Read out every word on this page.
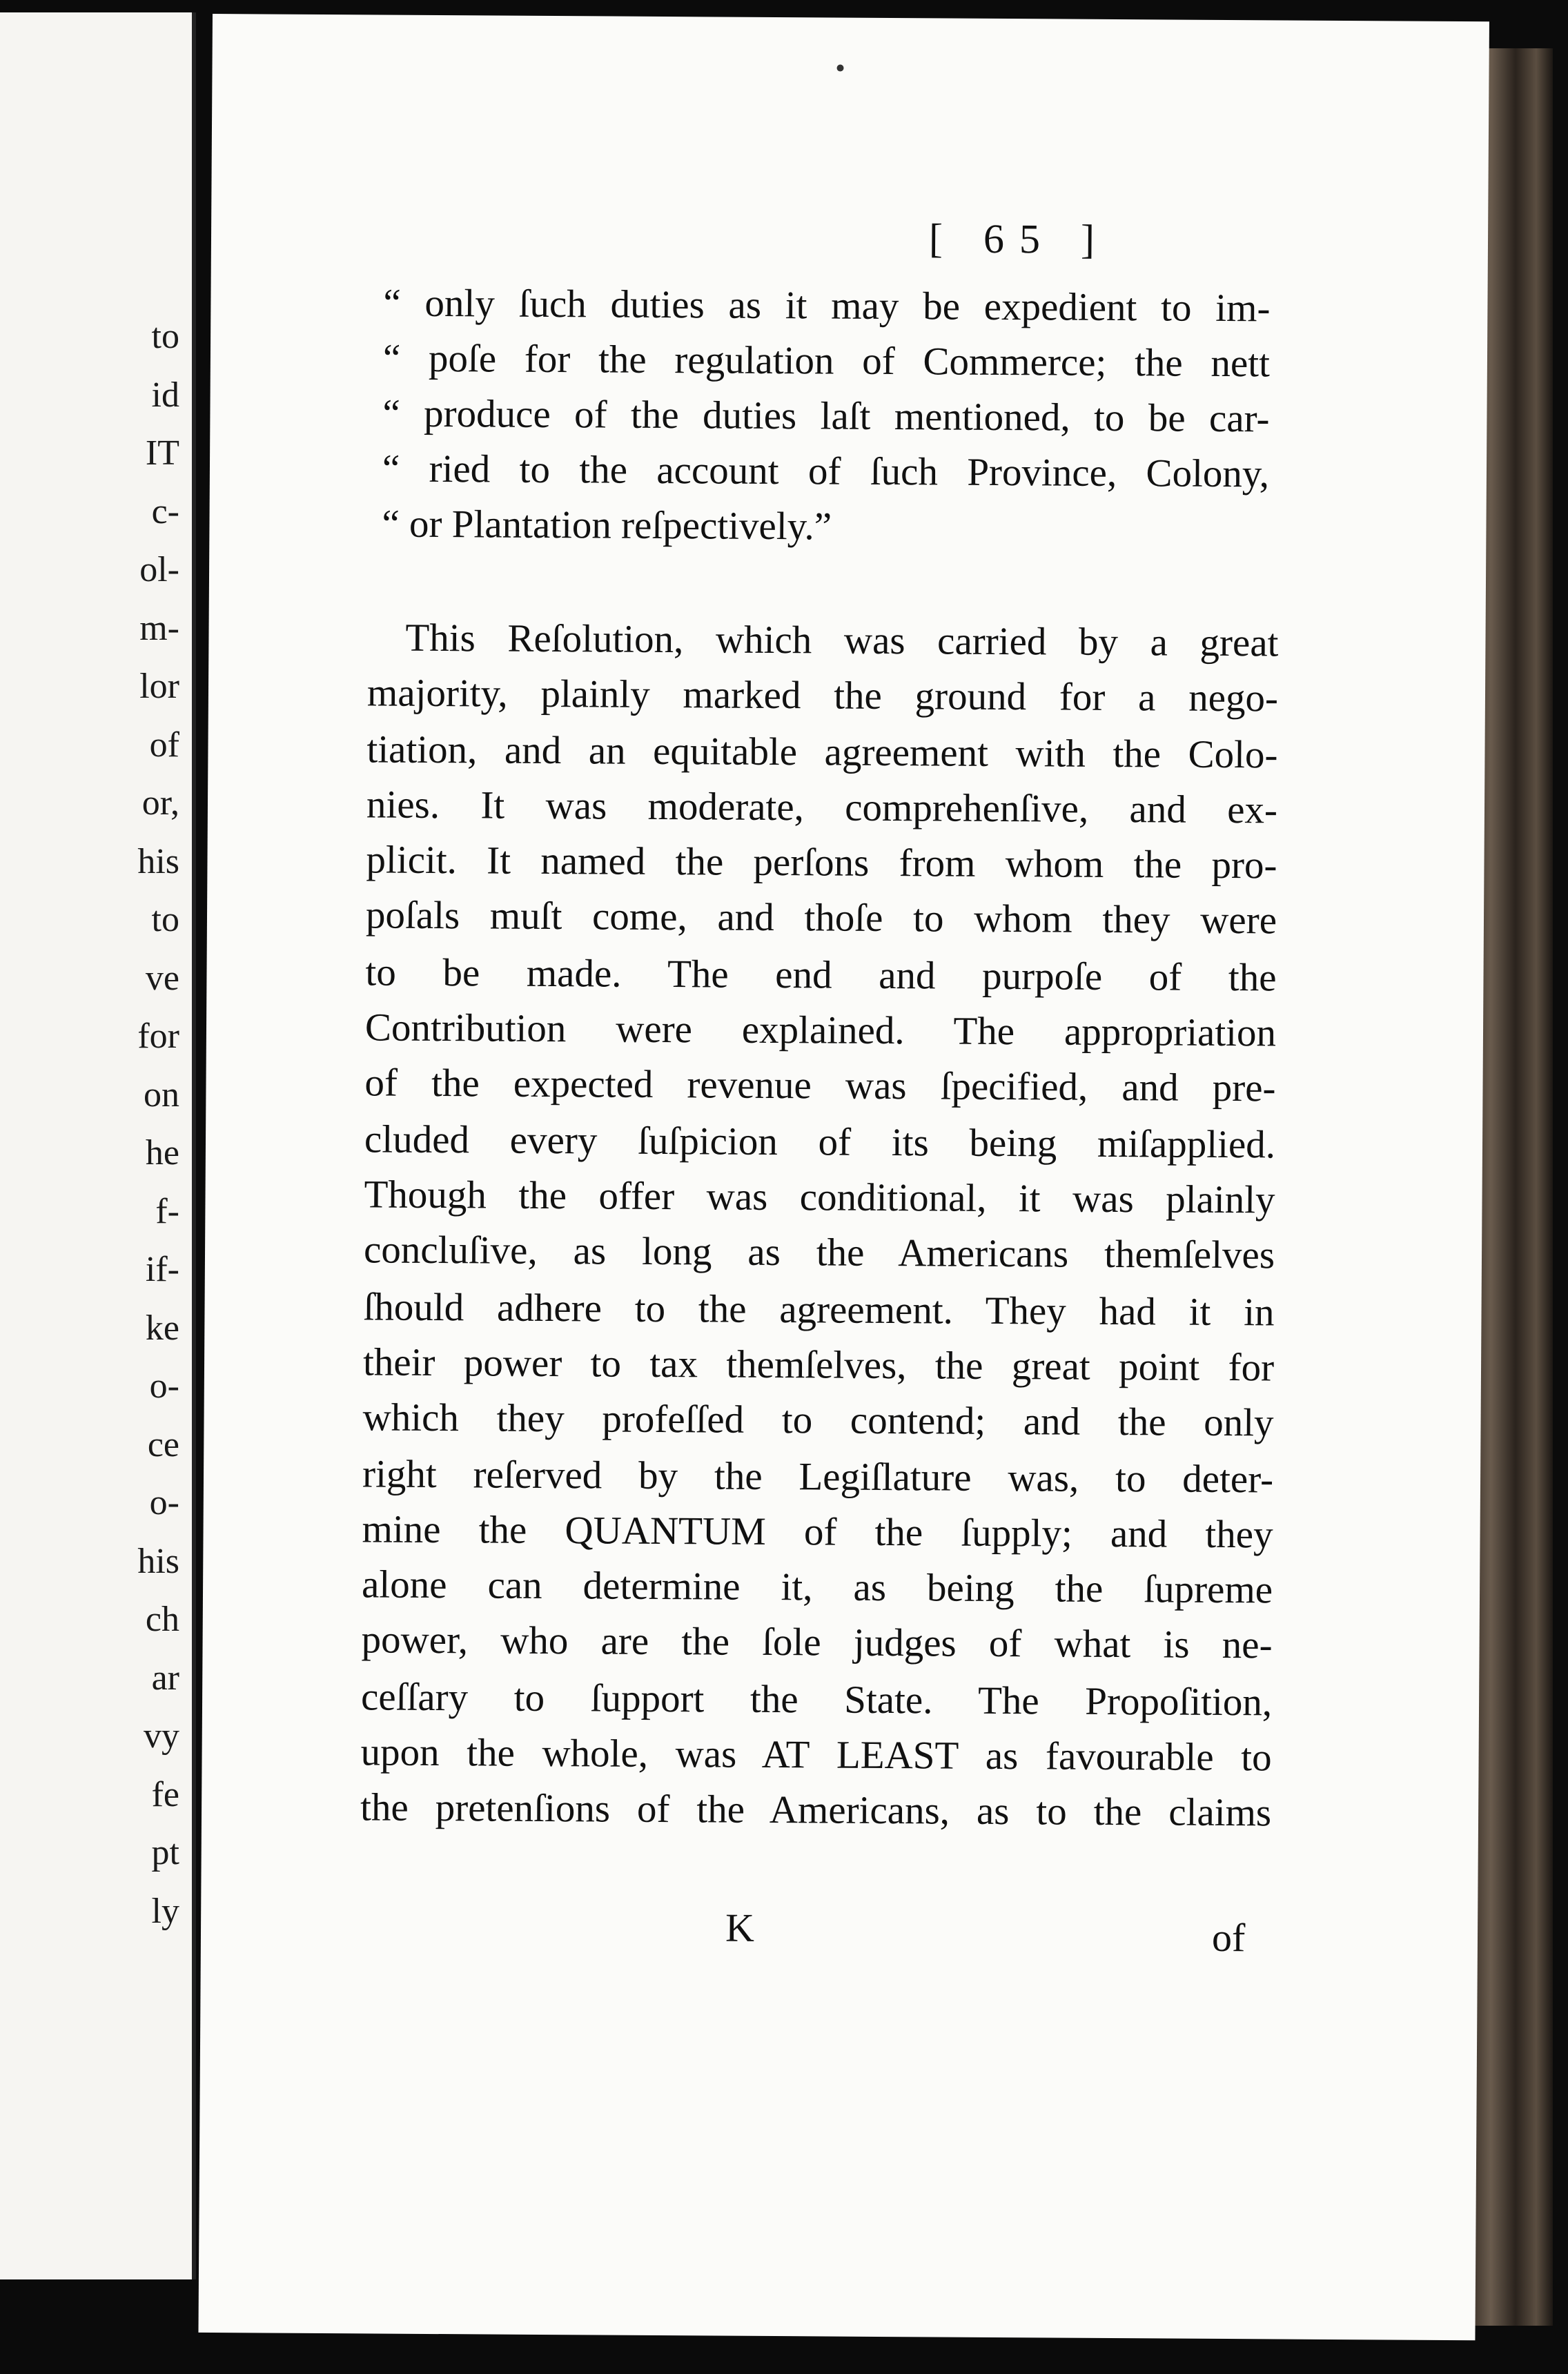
to
id
IT
c-
ol-
m-
lor
of
or,
his
to
ve
for
on
he
f-
if-
ke
o-
ce
o-
his
ch
ar
vy
fe
pt
ly
[ 65 ]
“ only ſuch duties as it may be expedient to im-
“ poſe for the regulation of Commerce; the nett
“ produce of the duties laſt mentioned, to be car-
“ ried to the account of ſuch Province, Colony,
“ or Plantation reſpectively.”
This Reſolution, which was carried by a great
majority, plainly marked the ground for a nego-
tiation, and an equitable agreement with the Colo-
nies. It was moderate, comprehenſive, and ex-
plicit. It named the perſons from whom the pro-
poſals muſt come, and thoſe to whom they were
to be made. The end and purpoſe of the
Contribution were explained. The appropriation
of the expected revenue was ſpecified, and pre-
cluded every ſuſpicion of its being miſapplied.
Though the offer was conditional, it was plainly
concluſive, as long as the Americans themſelves
ſhould adhere to the agreement. They had it in
their power to tax themſelves, the great point for
which they profeſſed to contend; and the only
right reſerved by the Legiſlature was, to deter-
mine the QUANTUM of the ſupply; and they
alone can determine it, as being the ſupreme
power, who are the ſole judges of what is ne-
ceſſary to ſupport the State. The Propoſition,
upon the whole, was AT LEAST as favourable to
the pretenſions of the Americans, as to the claims
K	of
